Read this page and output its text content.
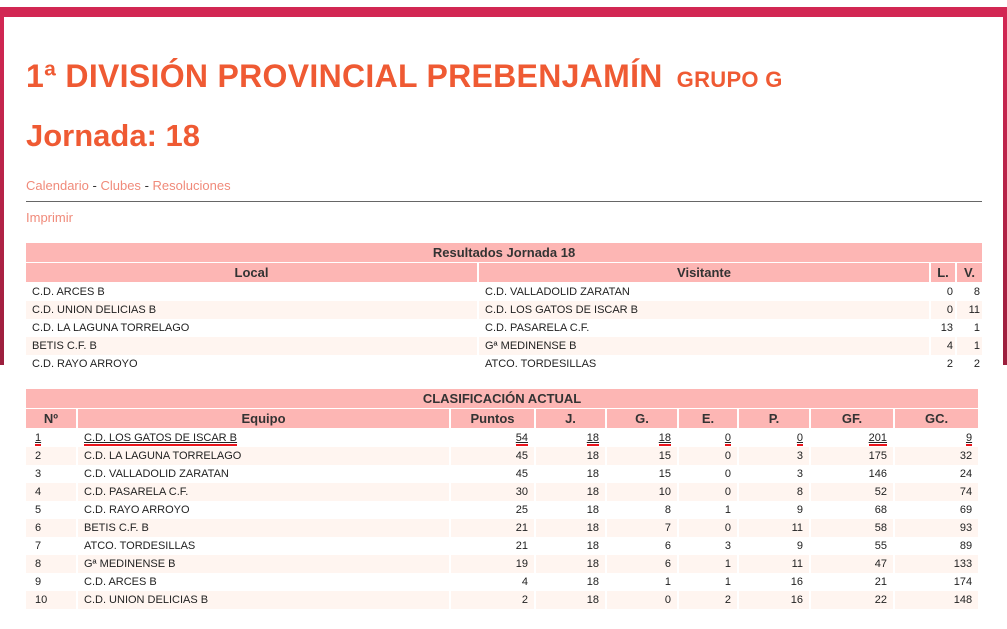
1ª DIVISIÓN PROVINCIAL PREBENJAMÍN GRUPO G
Jornada: 18
Calendario - Clubes - Resoluciones
Imprimir
Resultados Jornada 18			
Local	Visitante	L.	V.
C.D. ARCES B	C.D. VALLADOLID ZARATAN	0	8
C.D. UNION DELICIAS B	C.D. LOS GATOS DE ISCAR B	0	11
C.D. LA LAGUNA TORRELAGO	C.D. PASARELA C.F.	13	1
BETIS C.F. B	Gª MEDINENSE B	4	1
C.D. RAYO ARROYO	ATCO. TORDESILLAS	2	2
CLASIFICACIÓN ACTUAL								
Nº	Equipo	Puntos	J.	G.	E.	P.	GF.	GC.
1	C.D. LOS GATOS DE ISCAR B	54	18	18	0	0	201	9
2	C.D. LA LAGUNA TORRELAGO	45	18	15	0	3	175	32
3	C.D. VALLADOLID ZARATAN	45	18	15	0	3	146	24
4	C.D. PASARELA C.F.	30	18	10	0	8	52	74
5	C.D. RAYO ARROYO	25	18	8	1	9	68	69
6	BETIS C.F. B	21	18	7	0	11	58	93
7	ATCO. TORDESILLAS	21	18	6	3	9	55	89
8	Gª MEDINENSE B	19	18	6	1	11	47	133
9	C.D. ARCES B	4	18	1	1	16	21	174
10	C.D. UNION DELICIAS B	2	18	0	2	16	22	148
